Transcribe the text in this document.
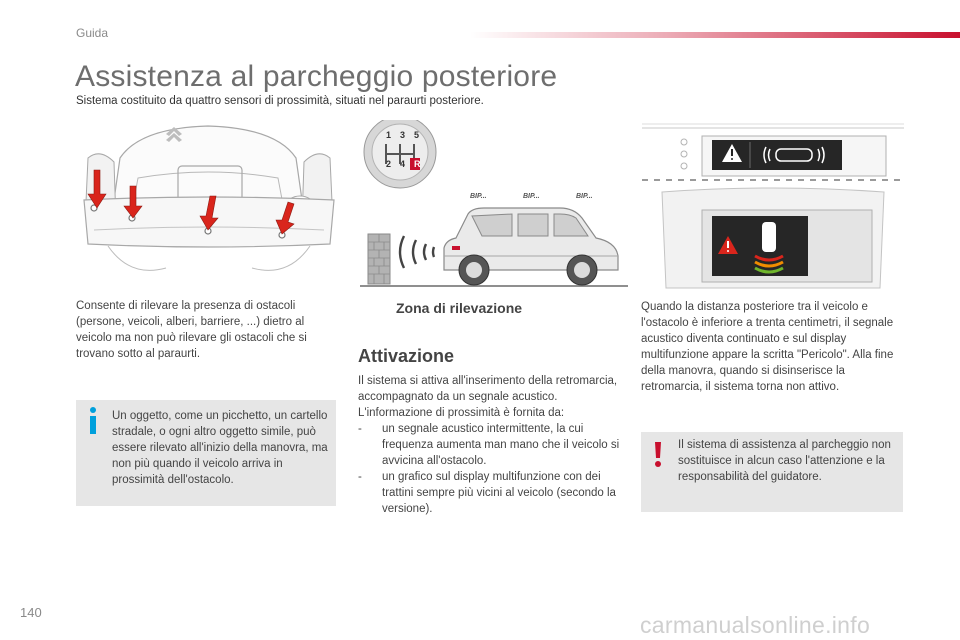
Guida
Assistenza al parcheggio posteriore
Sistema costituito da quattro sensori di prossimità, situati nel paraurti posteriore.
1 3 5
2 4 R
BIP...	BIP...	BIP...

Consente di rilevare la presenza di ostacoli (persone, veicoli, alberi, barriere, ...) dietro al veicolo ma non può rilevare gli ostacoli che si trovano sotto al paraurti.

Un oggetto, come un picchetto, un cartello stradale, o ogni altro oggetto simile, può essere rilevato all'inizio della manovra, ma non più quando il veicolo arriva in prossimità dell'ostacolo.

Zona di rilevazione
Attivazione

Il sistema si attiva all'inserimento della retromarcia, accompagnato da un segnale acustico. L'informazione di prossimità è fornita da:

- un segnale acustico intermittente, la cui frequenza aumenta man mano che il veicolo si avvicina all'ostacolo.
- un grafico sul display multifunzione con dei trattini sempre più vicini al veicolo (secondo la versione).

Quando la distanza posteriore tra il veicolo e l'ostacolo è inferiore a trenta centimetri, il segnale acustico diventa continuato e sul display multifunzione appare la scritta "Pericolo". Alla fine della manovra, quando si disinserisce la retromarcia, il sistema torna non attivo.

Il sistema di assistenza al parcheggio non sostituisce in alcun caso l'attenzione e la responsabilità del guidatore.

140	carmanualsonline.info
